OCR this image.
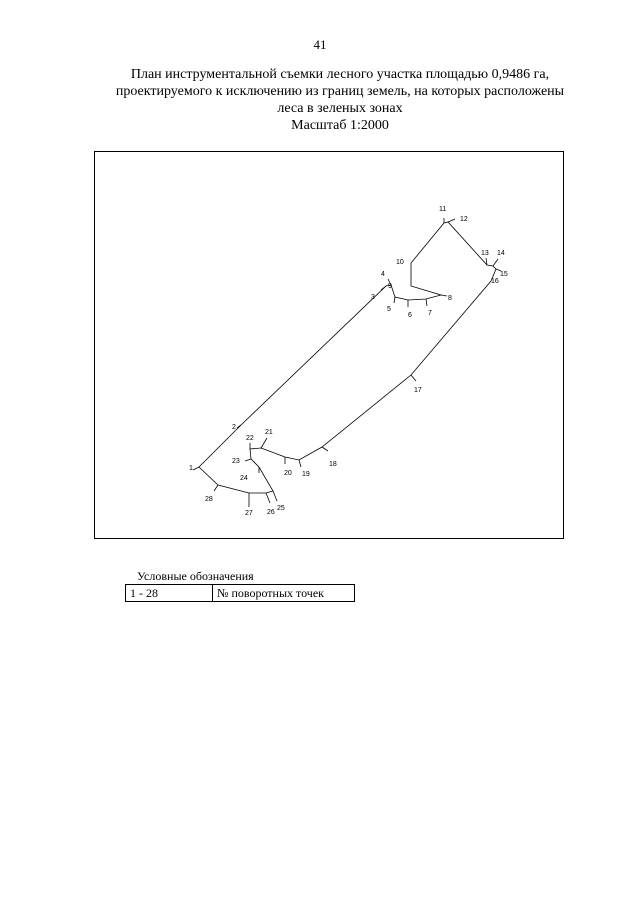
41
План инструментальной съемки лесного участка площадью 0,9486 га,
проектируемого к исключению из границ земель, на которых расположены
леса в зеленых зонах
Масштаб 1:2000
1
2
3
4
5
6 7
8
9
10
11
12
13 14
15
16
17
18
19
20
21
22
23
24
25
26
27
28
Условные обозначения
1 - 28	№ поворотных точек
